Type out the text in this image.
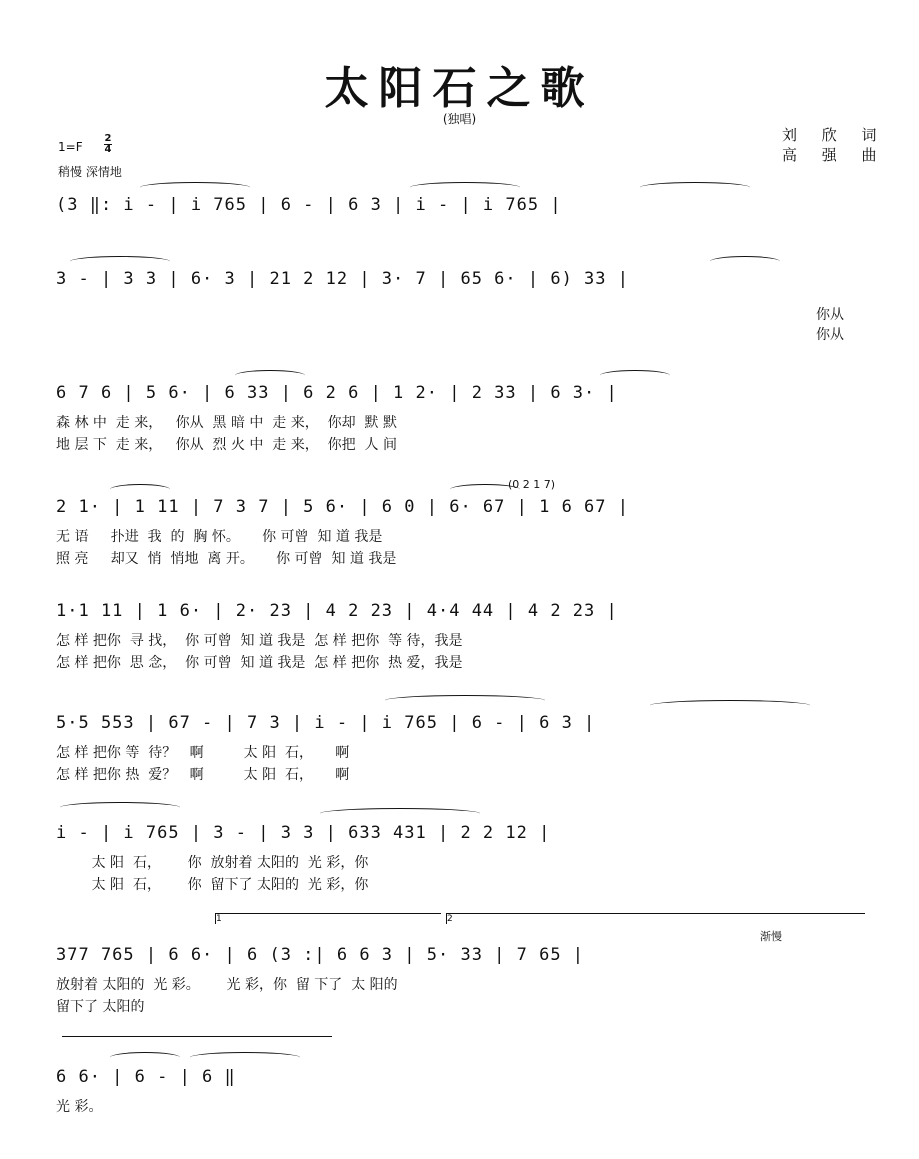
太阳石之歌
(独唱)
刘 欣 词
高 强 曲
1=F
2
4
稍慢 深情地
(3 ‖: i - | i 765 | 6 - | 6 3 | i - | i 765 |
3 - | 3 3 | 6· 3 | 21 2 12 | 3· 7 | 65 6· | 6) 33 |
你从
你从
6 7 6 | 5 6· | 6 33 | 6 2 6 | 1 2· | 2 33 | 6 3· |
森 林 中  走 来，   你从  黑 暗 中  走 来，  你却  默 默
地 层 下  走 来，   你从  烈 火 中  走 来，  你把  人 间
2 1· | 1 11 | 7 3 7 | 5 6· | 6 0 | 6· 67 | 1 6 67 |
无 语     扑进  我  的  胸 怀。     你 可曾  知 道 我是
照 亮     却又  悄  悄地  离 开。     你 可曾  知 道 我是
(0 2 1 7)
1·1 11 | 1 6· | 2· 23 | 4 2 23 | 4·4 44 | 4 2 23 |
怎 样 把你  寻 找，  你 可曾  知 道 我是  怎 样 把你  等 待，我是
怎 样 把你  思 念，  你 可曾  知 道 我是  怎 样 把你  热 爱，我是
5·5 553 | 67 - | 7 3 | i - | i 765 | 6 - | 6 3 |
怎 样 把你 等  待？   啊         太 阳  石，     啊
怎 样 把你 热  爱？   啊         太 阳  石，     啊
i - | i 765 | 3 - | 3 3 | 633 431 | 2 2 12 |
太 阳  石，      你  放射着 太阳的  光 彩，你
太 阳  石，      你  留下了 太阳的  光 彩，你
1	2
渐慢
377 765 | 6 6· | 6 (3 :| 6 6 3 | 5· 33 | 7 65 |
放射着 太阳的  光 彩。      光 彩，你  留 下了  太 阳的
留下了 太阳的
6 6· | 6 - | 6 ‖
光 彩。
